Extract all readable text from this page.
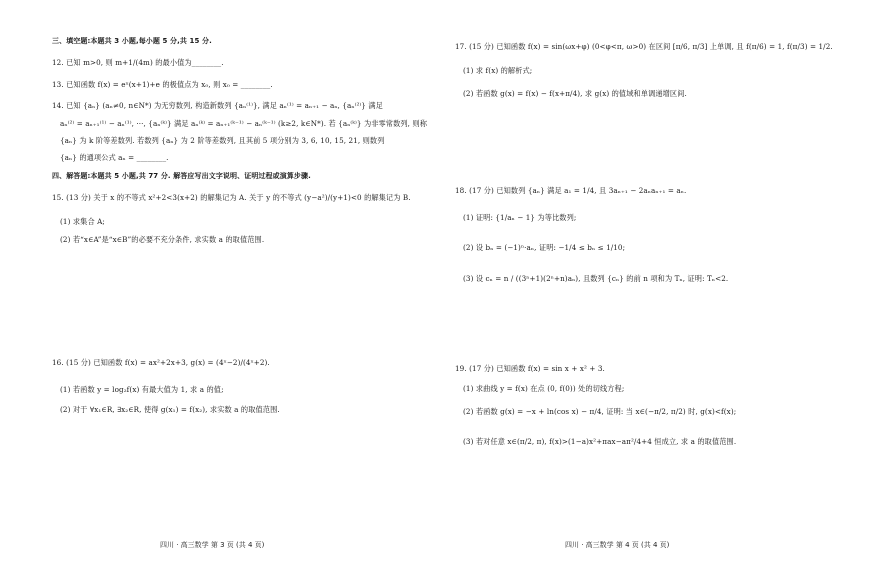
三、填空题:本题共 3 小题,每小题 5 分,共 15 分.
12. 已知 m>0, 则 m+1/(4m) 的最小值为________.
13. 已知函数 f(x) = eˣ(x+1)+e 的极值点为 x₀, 则 x₀ = ________.
14. 已知 {aₙ} (aₙ≠0, n∈N*) 为无穷数列, 构造新数列 {aₙ⁽¹⁾}, 满足 aₙ⁽¹⁾ = aₙ₊₁ − aₙ, {aₙ⁽²⁾} 满足
aₙ⁽²⁾ = aₙ₊₁⁽¹⁾ − aₙ⁽¹⁾, ···, {aₙ⁽ᵏ⁾} 满足 aₙ⁽ᵏ⁾ = aₙ₊₁⁽ᵏ⁻¹⁾ − aₙ⁽ᵏ⁻¹⁾ (k≥2, k∈N*). 若 {aₙ⁽ᵏ⁾} 为非零常数列, 则称
{aₙ} 为 k 阶等差数列. 若数列 {aₙ} 为 2 阶等差数列, 且其前 5 项分别为 3, 6, 10, 15, 21, 则数列
{aₙ} 的通项公式 aₙ = ________.
四、解答题:本题共 5 小题,共 77 分. 解答应写出文字说明、证明过程或演算步骤.
15. (13 分) 关于 x 的不等式 x²+2<3(x+2) 的解集记为 A. 关于 y 的不等式 (y−a²)/(y+1)<0 的解集记为 B.
(1) 求集合 A;
(2) 若“x∈A”是“x∈B”的必要不充分条件, 求实数 a 的取值范围.
16. (15 分) 已知函数 f(x) = ax²+2x+3, g(x) = (4ˣ−2)/(4ˣ+2).
(1) 若函数 y = log₂f(x) 有最大值为 1, 求 a 的值;
(2) 对于 ∀x₁∈R, ∃x₂∈R, 使得 g(x₁) = f(x₂), 求实数 a 的取值范围.
四川 · 高三数学 第 3 页 (共 4 页)
17. (15 分) 已知函数 f(x) = sin(ωx+φ) (0<φ<π, ω>0) 在区间 [π/6, π/3] 上单调, 且 f(π/6) = 1, f(π/3) = 1/2.
(1) 求 f(x) 的解析式;
(2) 若函数 g(x) = f(x) − f(x+π/4), 求 g(x) 的值域和单调递增区间.
18. (17 分) 已知数列 {aₙ} 满足 a₁ = 1/4, 且 3aₙ₊₁ − 2aₙaₙ₊₁ = aₙ.
(1) 证明: {1/aₙ − 1} 为等比数列;
(2) 设 bₙ = (−1)ⁿ·aₙ, 证明: −1/4 ≤ bₙ ≤ 1/10;
(3) 设 cₙ = n / ((3ⁿ+1)(2ⁿ+n)aₙ), 且数列 {cₙ} 的前 n 项和为 Tₙ, 证明: Tₙ<2.
19. (17 分) 已知函数 f(x) = sin x + x² + 3.
(1) 求曲线 y = f(x) 在点 (0, f(0)) 处的切线方程;
(2) 若函数 g(x) = −x + ln(cos x) − π/4, 证明: 当 x∈(−π/2, π/2) 时, g(x)<f(x);
(3) 若对任意 x∈(π/2, π), f(x)>(1−a)x²+πax−aπ²/4+4 恒成立, 求 a 的取值范围.
四川 · 高三数学 第 4 页 (共 4 页)
